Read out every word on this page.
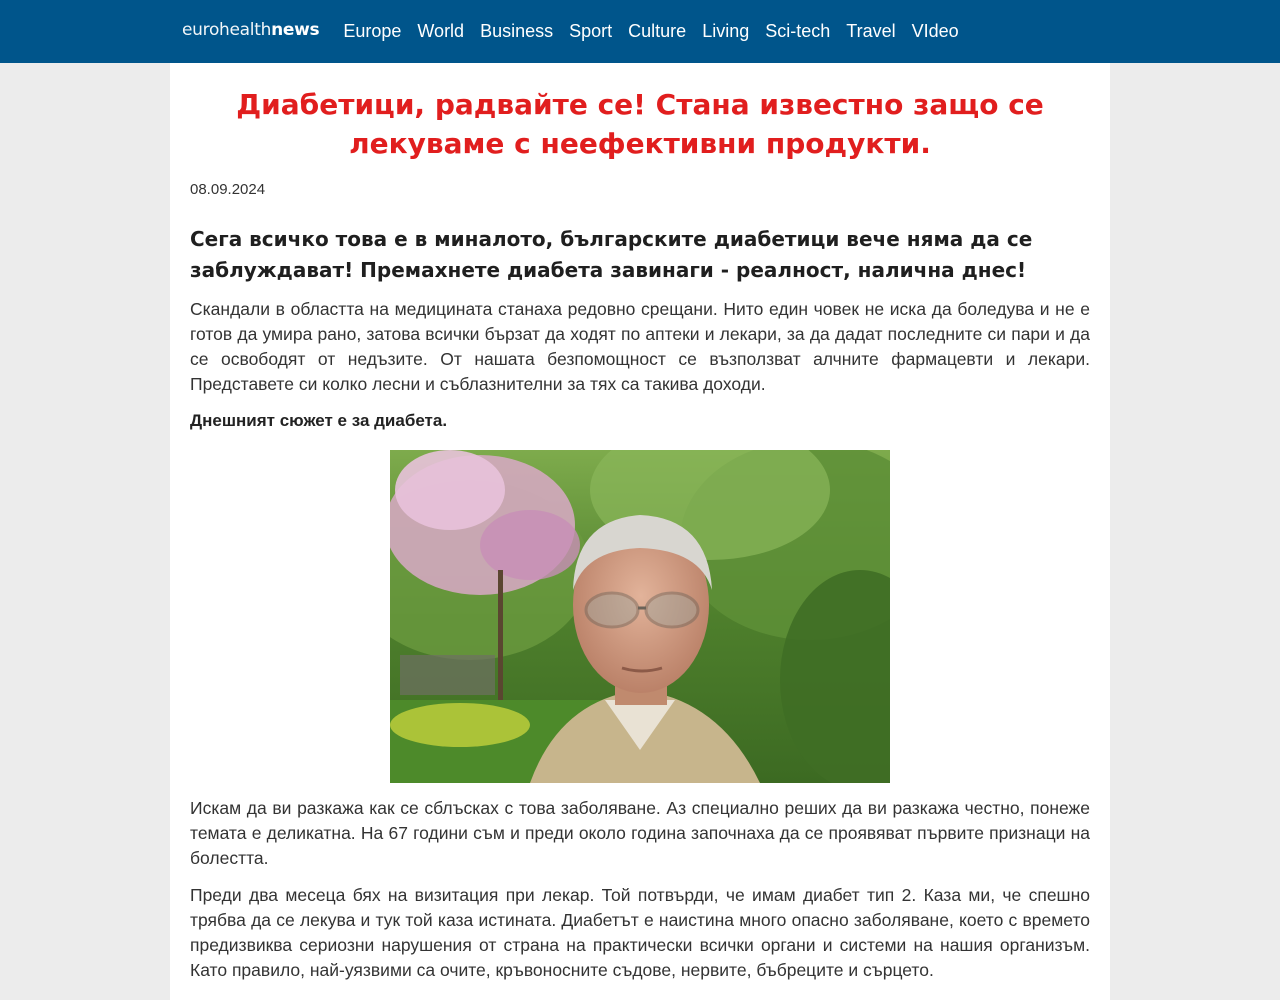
eurohealth news Europe World Business Sport Culture Living Sci-tech Travel VIdeo
Диабетици, радвайте се! Стана известно защо се лекуваме с неефективни продукти.
08.09.2024
Сега всичко това е в миналото, българските диабетици вече няма да се заблуждават! Премахнете диабета завинаги - реалност, налична днес!

Скандали в областта на медицината станаха редовно срещани. Нито един човек не иска да боледува и не е готов да умира рано, затова всички бързат да ходят по аптеки и лекари, за да дадат последните си пари и да се освободят от недъзите. От нашата безпомощност се възползват алчните фармацевти и лекари. Представете си колко лесни и съблазнителни за тях са такива доходи.

Днешният сюжет е за диабета.

Искам да ви разкажа как се сблъсках с това заболяване. Аз специално реших да ви разкажа честно, понеже темата е деликатна. На 67 години съм и преди около година започнаха да се проявяват първите признаци на болестта.

Преди два месеца бях на визитация при лекар. Той потвърди, че имам диабет тип 2. Каза ми, че спешно трябва да се лекува и тук той каза истината. Диабетът е наистина много опасно заболяване, което с времето предизвиква сериозни нарушения от страна на практически всички органи и системи на нашия организъм. Като правило, най-уязвими са очите, кръвоносните съдове, нервите, бъбреците и сърцето.
